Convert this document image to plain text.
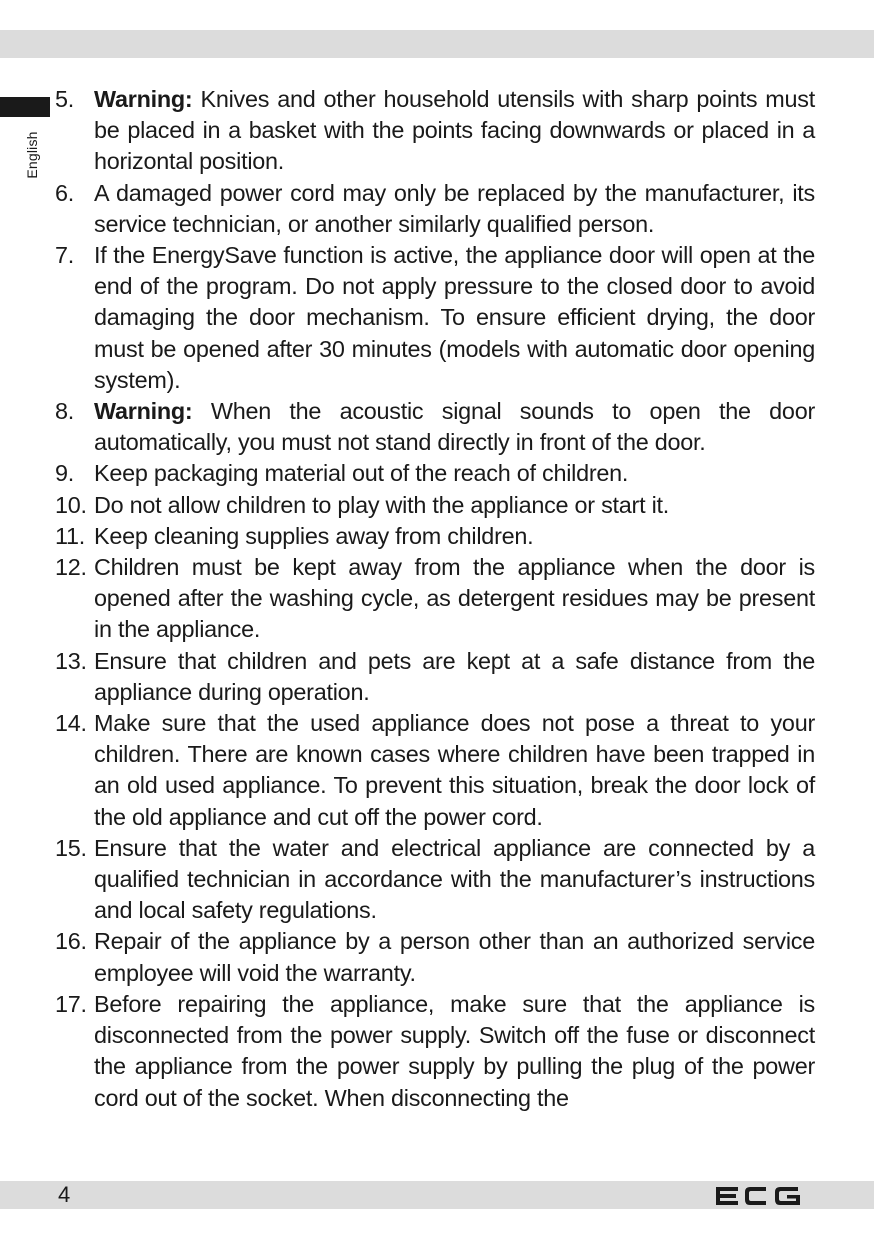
English
5. Warning: Knives and other household utensils with sharp points must be placed in a basket with the points facing downwards or placed in a horizontal position.
6. A damaged power cord may only be replaced by the manufacturer, its service technician, or another similarly qualified person.
7. If the EnergySave function is active, the appliance door will open at the end of the program. Do not apply pressure to the closed door to avoid damaging the door mechanism. To ensure efficient drying, the door must be opened after 30 minutes (models with automatic door opening system).
8. Warning: When the acoustic signal sounds to open the door automatically, you must not stand directly in front of the door.
9. Keep packaging material out of the reach of children.
10. Do not allow children to play with the appliance or start it.
11. Keep cleaning supplies away from children.
12. Children must be kept away from the appliance when the door is opened after the washing cycle, as detergent residues may be present in the appliance.
13. Ensure that children and pets are kept at a safe distance from the appliance during operation.
14. Make sure that the used appliance does not pose a threat to your children. There are known cases where children have been trapped in an old used appliance. To prevent this situation, break the door lock of the old appliance and cut off the power cord.
15. Ensure that the water and electrical appliance are connected by a qualified technician in accordance with the manufacturer’s instructions and local safety regulations.
16. Repair of the appliance by a person other than an authorized service employee will void the warranty.
17. Before repairing the appliance, make sure that the appliance is disconnected from the power supply. Switch off the fuse or disconnect the appliance from the power supply by pulling the plug of the power cord out of the socket. When disconnecting the
4
